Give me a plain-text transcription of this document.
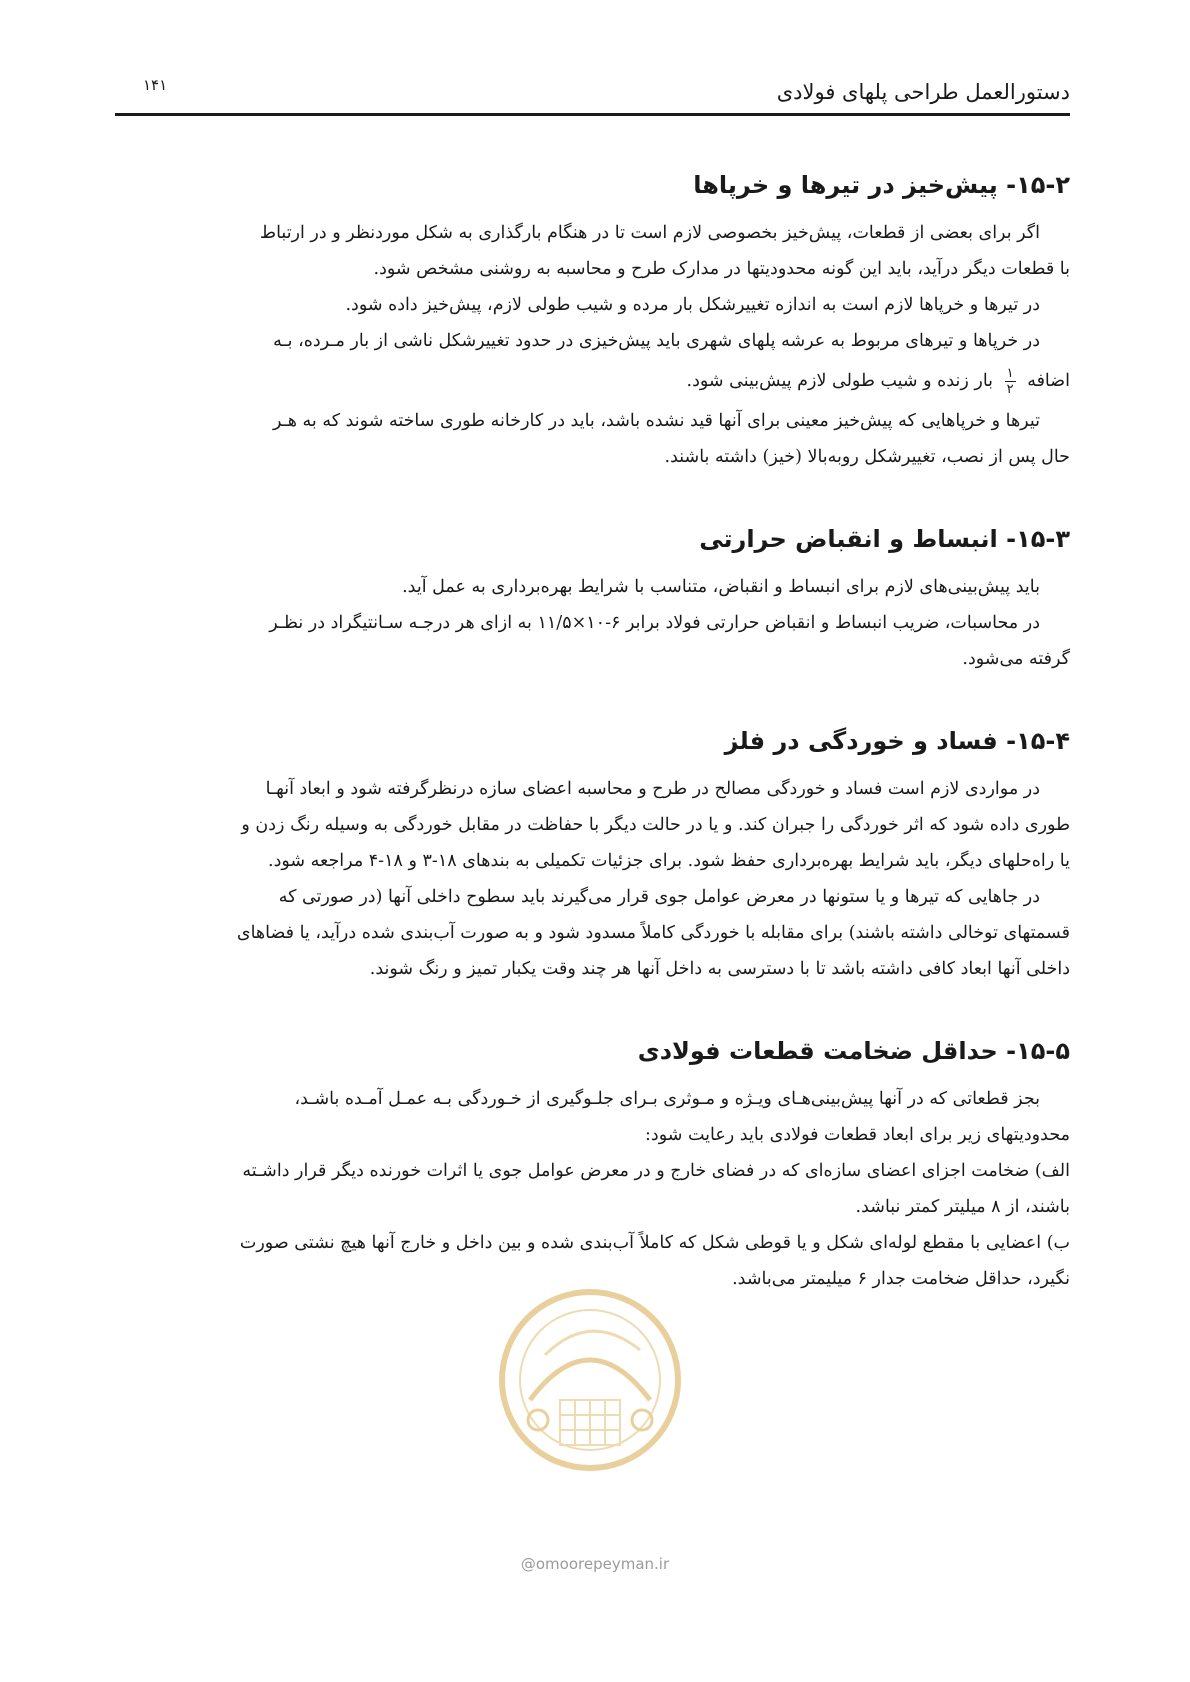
دستورالعمل طراحی پلهای فولادی
۱۴۱
۱۵-۲- پیش‌خیز در تیرها و خرپاها

اگر برای بعضی از قطعات، پیش‌خیز بخصوصی لازم است تا در هنگام بارگذاری به شکل موردنظر و در ارتباط
با قطعات دیگر درآید، باید این گونه محدودیتها در مدارک طرح و محاسبه به روشنی مشخص شود.

در تیرها و خرپاها لازم است به اندازه تغییرشکل بار مرده و شیب طولی لازم، پیش‌خیز داده شود.

در خرپاها و تیرهای مربوط به عرشه پلهای شهری باید پیش‌خیزی در حدود تغییرشکل ناشی از بار مـرده، بـه
اضافه
$\frac{۱}{۲}$
بار زنده و شیب طولی لازم پیش‌بینی شود.

تیرها و خرپاهایی که پیش‌خیز معینی برای آنها قید نشده باشد، باید در کارخانه طوری ساخته شوند که به هـر
حال پس از نصب، تغییرشکل روبه‌بالا (خیز) داشته باشند.

۱۵-۳- انبساط و انقباض حرارتی

باید پیش‌بینی‌های لازم برای انبساط و انقباض، متناسب با شرایط بهره‌برداری به عمل آید.

در محاسبات، ضریب انبساط و انقباض حرارتی فولاد برابر ۶-۱۰×۱۱/۵ به ازای هر درجـه سـانتیگراد در نظـر
گرفته می‌شود.

۱۵-۴- فساد و خوردگی در فلز

در مواردی لازم است فساد و خوردگی مصالح در طرح و محاسبه اعضای سازه درنظرگرفته شود و ابعاد آنهـا
طوری داده شود که اثر خوردگی را جبران کند. و یا در حالت دیگر با حفاظت در مقابل خوردگی به وسیله رنگ زدن و
یا راه‌حلهای دیگر، باید شرایط بهره‌برداری حفظ شود. برای جزئیات تکمیلی به بندهای ۱۸-۳ و ۱۸-۴ مراجعه شود.

در جاهایی که تیرها و یا ستونها در معرض عوامل جوی قرار می‌گیرند باید سطوح داخلی آنها (در صورتی که
قسمتهای توخالی داشته باشند) برای مقابله با خوردگی کاملاً مسدود شود و به صورت آب‌بندی شده درآید، یا فضاهای
داخلی آنها ابعاد کافی داشته باشد تا با دسترسی به داخل آنها هر چند وقت یکبار تمیز و رنگ شوند.

۱۵-۵- حداقل ضخامت قطعات فولادی

بجز قطعاتی که در آنها پیش‌بینی‌هـای ویـژه و مـوثری بـرای جلـوگیری از خـوردگی بـه عمـل آمـده باشـد،
محدودیتهای زیر برای ابعاد قطعات فولادی باید رعایت شود:

الف) ضخامت اجزای اعضای سازه‌ای که در فضای خارج و در معرض عوامل جوی یا اثرات خورنده دیگر قرار داشـته
باشند، از ۸ میلیتر کمتر نباشد.

ب) اعضایی با مقطع لوله‌ای شکل و یا قوطی شکل که کاملاً آب‌بندی شده و بین داخل و خارج آنها هیچ نشتی صورت
نگیرد، حداقل ضخامت جدار ۶ میلیمتر می‌باشد.

@omoorepeyman.ir
